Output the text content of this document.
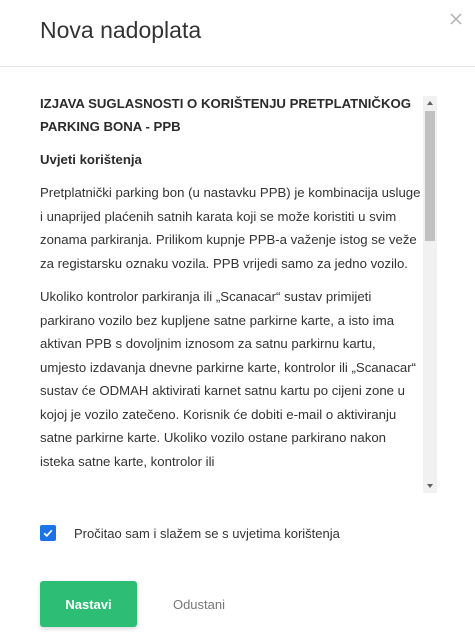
Nova nadoplata
IZJAVA SUGLASNOSTI O KORIŠTENJU PRETPLATNIČKOG PARKING BONA - PPB
Uvjeti korištenja

Pretplatnički parking bon (u nastavku PPB) je kombinacija usluge i unaprijed plaćenih satnih karata koji se može koristiti u svim zonama parkiranja. Prilikom kupnje PPB-a važenje istog se veže za registarsku oznaku vozila. PPB vrijedi samo za jedno vozilo.

Ukoliko kontrolor parkiranja ili „Scanacar“ sustav primijeti parkirano vozilo bez kupljene satne parkirne karte, a isto ima aktivan PPB s dovoljnim iznosom za satnu parkirnu kartu, umjesto izdavanja dnevne parkirne karte, kontrolor ili „Scanacar“ sustav će ODMAH aktivirati karnet satnu kartu po cijeni zone u kojoj je vozilo zatečeno. Korisnik će dobiti e-mail o aktiviranju satne parkirne karte. Ukoliko vozilo ostane parkirano nakon isteka satne karte, kontrolor ili

Pročitao sam i slažem se s uvjetima korištenja
Nastavi	Odustani
